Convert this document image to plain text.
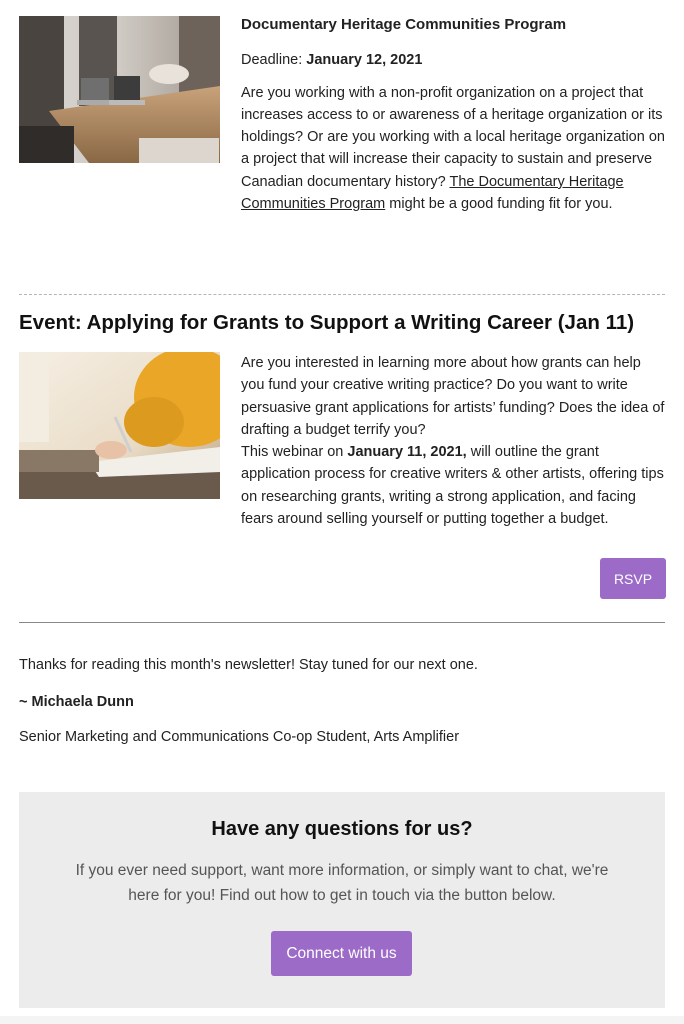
Documentary Heritage Communities Program
Deadline: January 12, 2021

Are you working with a non-profit organization on a project that increases access to or awareness of a heritage organization or its holdings? Or are you working with a local heritage organization on a project that will increase their capacity to sustain and preserve Canadian documentary history? The Documentary Heritage Communities Program might be a good funding fit for you.

Event: Applying for Grants to Support a Writing Career (Jan 11)

Are you interested in learning more about how grants can help you fund your creative writing practice? Do you want to write persuasive grant applications for artists’ funding? Does the idea of drafting a budget terrify you?

This webinar on January 11, 2021, will outline the grant application process for creative writers & other artists, offering tips on researching grants, writing a strong application, and facing fears around selling yourself or putting together a budget.

RSVP

Thanks for reading this month's newsletter! Stay tuned for our next one.

~ Michaela Dunn

Senior Marketing and Communications Co-op Student, Arts Amplifier

Have any questions for us?

If you ever need support, want more information, or simply want to chat, we're here for you! Find out how to get in touch via the button below.

Connect with us
